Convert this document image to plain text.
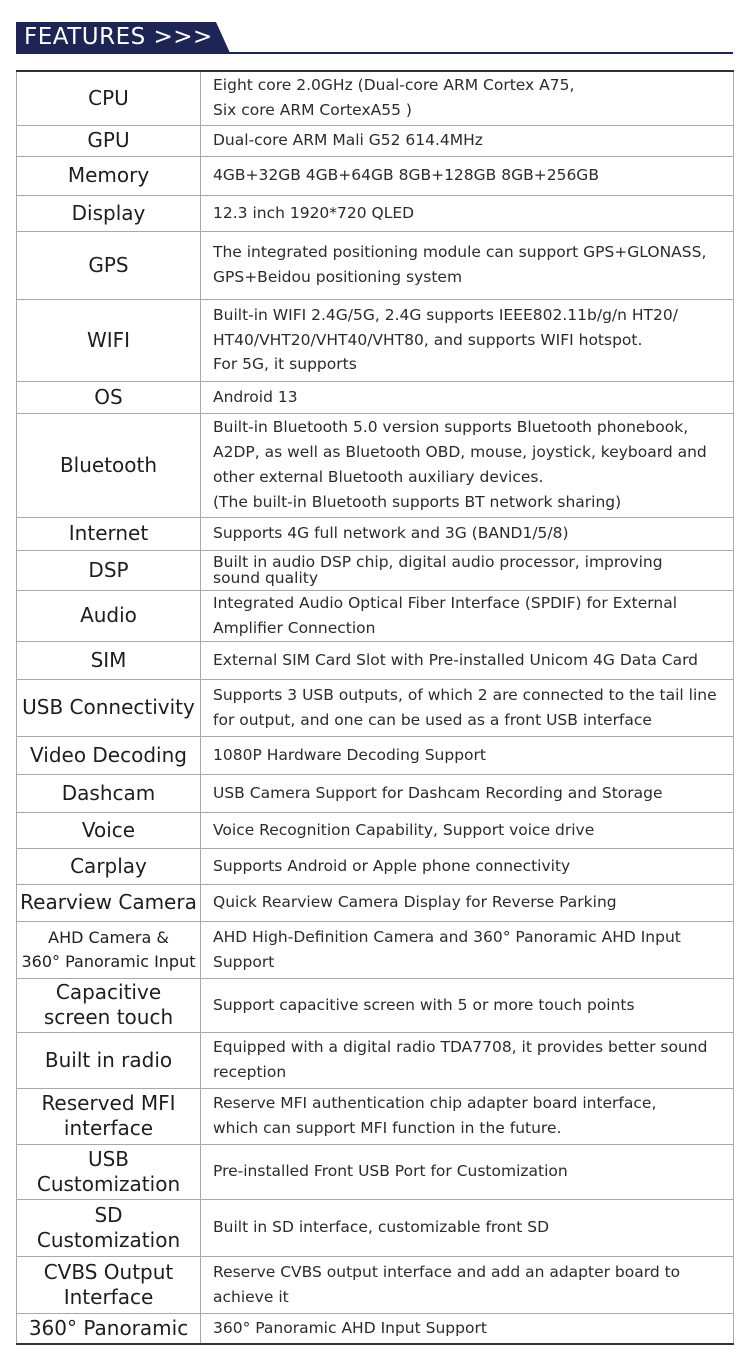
FEATURES >>>
CPU	Eight core 2.0GHz (Dual-core ARM Cortex A75,
Six core ARM CortexA55 )
GPU	Dual-core ARM Mali G52 614.4MHz
Memory	4GB+32GB 4GB+64GB 8GB+128GB 8GB+256GB
Display	12.3 inch 1920*720 QLED
GPS	The integrated positioning module can support GPS+GLONASS,
GPS+Beidou positioning system
WIFI	Built-in WIFI 2.4G/5G, 2.4G supports IEEE802.11b/g/n HT20/
HT40/VHT20/VHT40/VHT80, and supports WIFI hotspot.
For 5G, it supports
OS	Android 13
Bluetooth	Built-in Bluetooth 5.0 version supports Bluetooth phonebook,
A2DP, as well as Bluetooth OBD, mouse, joystick, keyboard and
other external Bluetooth auxiliary devices.
(The built-in Bluetooth supports BT network sharing)
Internet	Supports 4G full network and 3G (BAND1/5/8)
DSP	Built in audio DSP chip, digital audio processor, improving
sound quality
Audio	Integrated Audio Optical Fiber Interface (SPDIF) for External
Amplifier Connection
SIM	External SIM Card Slot with Pre-installed Unicom 4G Data Card
USB Connectivity	Supports 3 USB outputs, of which 2 are connected to the tail line
for output, and one can be used as a front USB interface
Video Decoding	1080P Hardware Decoding Support
Dashcam	USB Camera Support for Dashcam Recording and Storage
Voice	Voice Recognition Capability, Support voice drive
Carplay	Supports Android or Apple phone connectivity
Rearview Camera	Quick Rearview Camera Display for Reverse Parking
AHD Camera &
360° Panoramic Input	AHD High-Definition Camera and 360° Panoramic AHD Input
Support
Capacitive
screen touch	Support capacitive screen with 5 or more touch points
Built in radio	Equipped with a digital radio TDA7708, it provides better sound
reception
Reserved MFI
interface	Reserve MFI authentication chip adapter board interface,
which can support MFI function in the future.
USB
Customization	Pre-installed Front USB Port for Customization
SD
Customization	Built in SD interface, customizable front SD
CVBS Output
Interface	Reserve CVBS output interface and add an adapter board to
achieve it
360° Panoramic	360° Panoramic AHD Input Support
